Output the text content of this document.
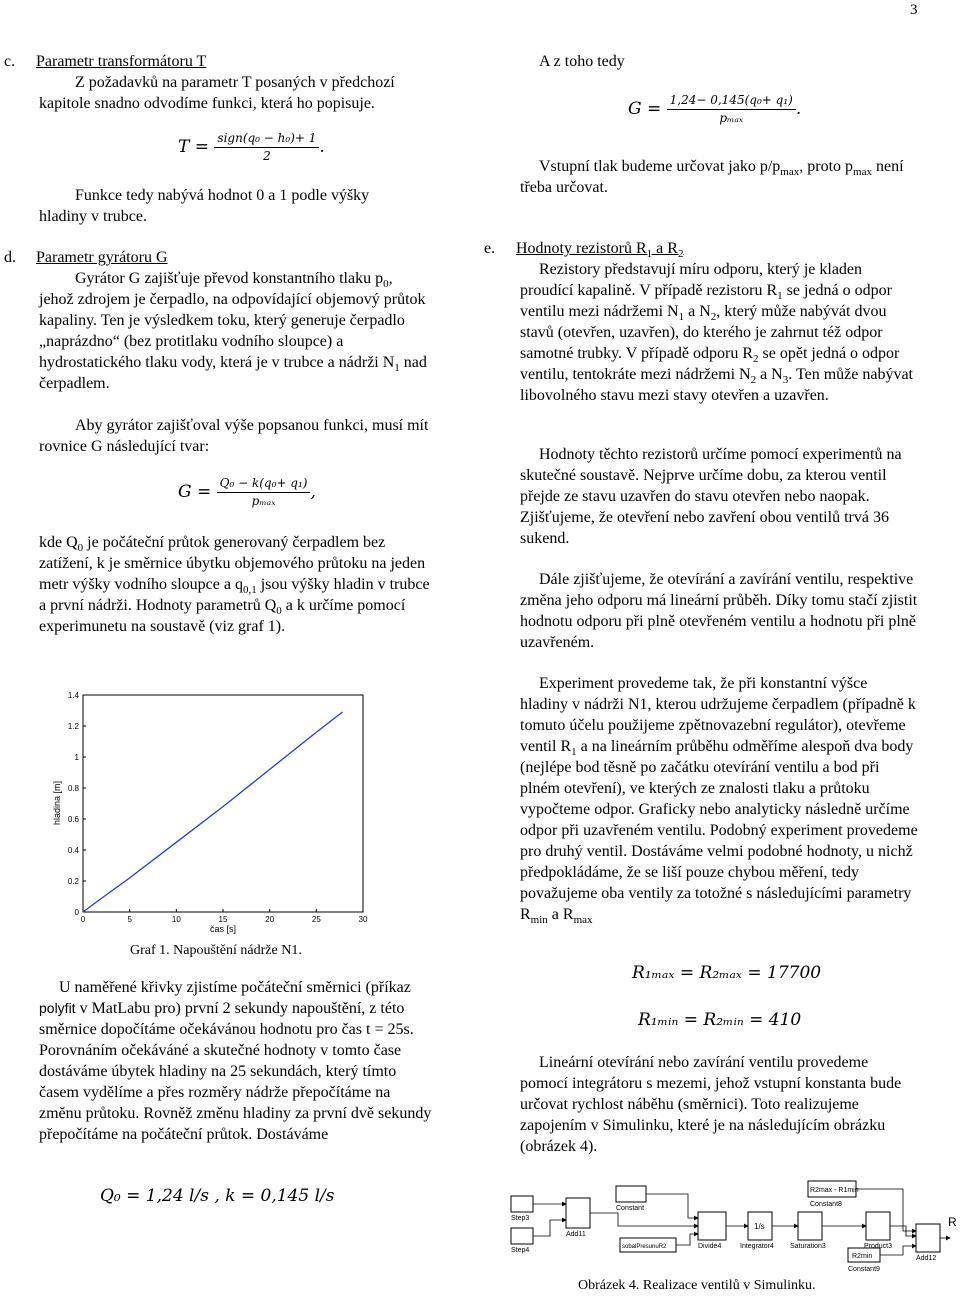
3
c. Parametr transformátoru T

Z požadavků na parametr T posaných v předchozí kapitole snadno odvodíme funkci, která ho popisuje.

$T = \frac{\text{sign(q₀ − h₀)+ 1}}{2}$ .

Funkce tedy nabývá hodnot 0 a 1 podle výšky hladiny v trubce.

d. Parametr gyrátoru G

Gyrátor G zajišťuje převod konstantního tlaku $p_0$, jehož zdrojem je čerpadlo, na odpovídající objemový průtok kapaliny. Ten je výsledkem toku, který generuje čerpadlo „naprázdno“ (bez protitlaku vodního sloupce) a hydrostatického tlaku vody, která je v trubce a nádrži $N_1$ nad čerpadlem.

Aby gyrátor zajišťoval výše popsanou funkci, musí mít rovnice G následující tvar:

$G = \frac{\text{Q₀ − k(q₀+ q₁)}}{\text{pₘₐₓ}}$ ,

kde $Q_0$ je počáteční průtok generovaný čerpadlem bez zatížení, k je směrnice úbytku objemového průtoku na jeden metr výšky vodního sloupce a $q_{0,1}$ jsou výšky hladin v trubce a první nádrži. Hodnoty parametrů $Q_0$ a k určíme pomocí experimunetu na soustavě (viz graf 1).

0	5	10	15	20	25	30
0
0.2
0.4
0.6
0.8
1
1.2
1.4
čas [s]
hladina [m]
Graf 1. Napouštění nádrže N1.

U naměřené křivky zjistíme počáteční směrnici (příkaz polyfit v MatLabu pro) první 2 sekundy napouštění, z této směrnice dopočítáme očekávánou hodnotu pro čas t = 25s. Porovnáním očekáváné a skutečné hodnoty v tomto čase dostáváme úbytek hladiny na 25 sekundách, který tímto časem vydělíme a přes rozměry nádrže přepočítáme na změnu průtoku. Rovněž změnu hladiny za první dvě sekundy přepočítáme na počáteční průtok. Dostáváme

Q₀ = 1,24 l/s , k = 0,145 l/s
A z toho tedy
$G = \frac{\text{1,24− 0,145(q₀+ q₁)}}{\text{pₘₐₓ}}$ .

Vstupní tlak budeme určovat jako $p/p_{max}$, proto $p_{max}$ není třeba určovat.

e. Hodnoty rezistorů $R_1$ a $R_2$

Rezistory představují míru odporu, který je kladen proudící kapalině. V případě rezistoru $R_1$ se jedná o odpor ventilu mezi nádržemi $N_1$ a $N_2$, který může nabývát dvou stavů (otevřen, uzavřen), do kterého je zahrnut též odpor samotné trubky. V případě odporu $R_2$ se opět jedná o odpor ventilu, tentokráte mezi nádržemi $N_2$ a $N_3$. Ten může nabývat libovolného stavu mezi stavy otevřen a uzavřen.

Hodnoty těchto rezistorů určíme pomocí experimentů na skutečné soustavě. Nejprve určíme dobu, za kterou ventil přejde ze stavu uzavřen do stavu otevřen nebo naopak. Zjišťujeme, že otevření nebo zavření obou ventilů trvá 36 sukend.

Dále zjišťujeme, že otevírání a zavírání ventilu, respektive změna jeho odporu má lineární průběh. Díky tomu stačí zjistit hodnotu odporu při plně otevřeném ventilu a hodnotu při plně uzavřeném.

Experiment provedeme tak, že při konstantní výšce hladiny v nádrži N1, kterou udržujeme čerpadlem (případně k tomuto účelu použijeme zpětnovazební regulátor), otevřeme ventil $R_1$ a na lineárním průběhu odměříme alespoň dva body (nejlépe bod těsně po začátku otevírání ventilu a bod při plném otevření), ve kterých ze znalosti tlaku a průtoku vypočteme odpor. Graficky nebo analyticky následně určíme odpor při uzavřeném ventilu. Podobný experiment provedeme pro druhý ventil. Dostáváme velmi podobné hodnoty, u nichž předpokládáme, že se liší pouze chybou měření, tedy považujeme oba ventily za totožné s následujícími parametry $R_{min}$ a $R_{max}$

R₁ₘₐₓ = R₂ₘₐₓ = 17700
R₁ₘᵢₙ = R₂ₘᵢₙ = 410

Lineární otevírání nebo zavírání ventilu provedeme pomocí integrátoru s mezemi, jehož vstupní konstanta bude určovat rychlost náběhu (směrnici). Toto realizujeme zapojením v Simulinku, které je na následujícím obrázku (obrázek 4).

Step3
Step4
Add11
Constant
Divide4
1/s
Integrator4 Saturation3	Product3
Add12
Constant8
Constant9
R2max - R1min
R2min
sobalPresunuR2
R
Obrázek 4. Realizace ventilů v Simulinku.
